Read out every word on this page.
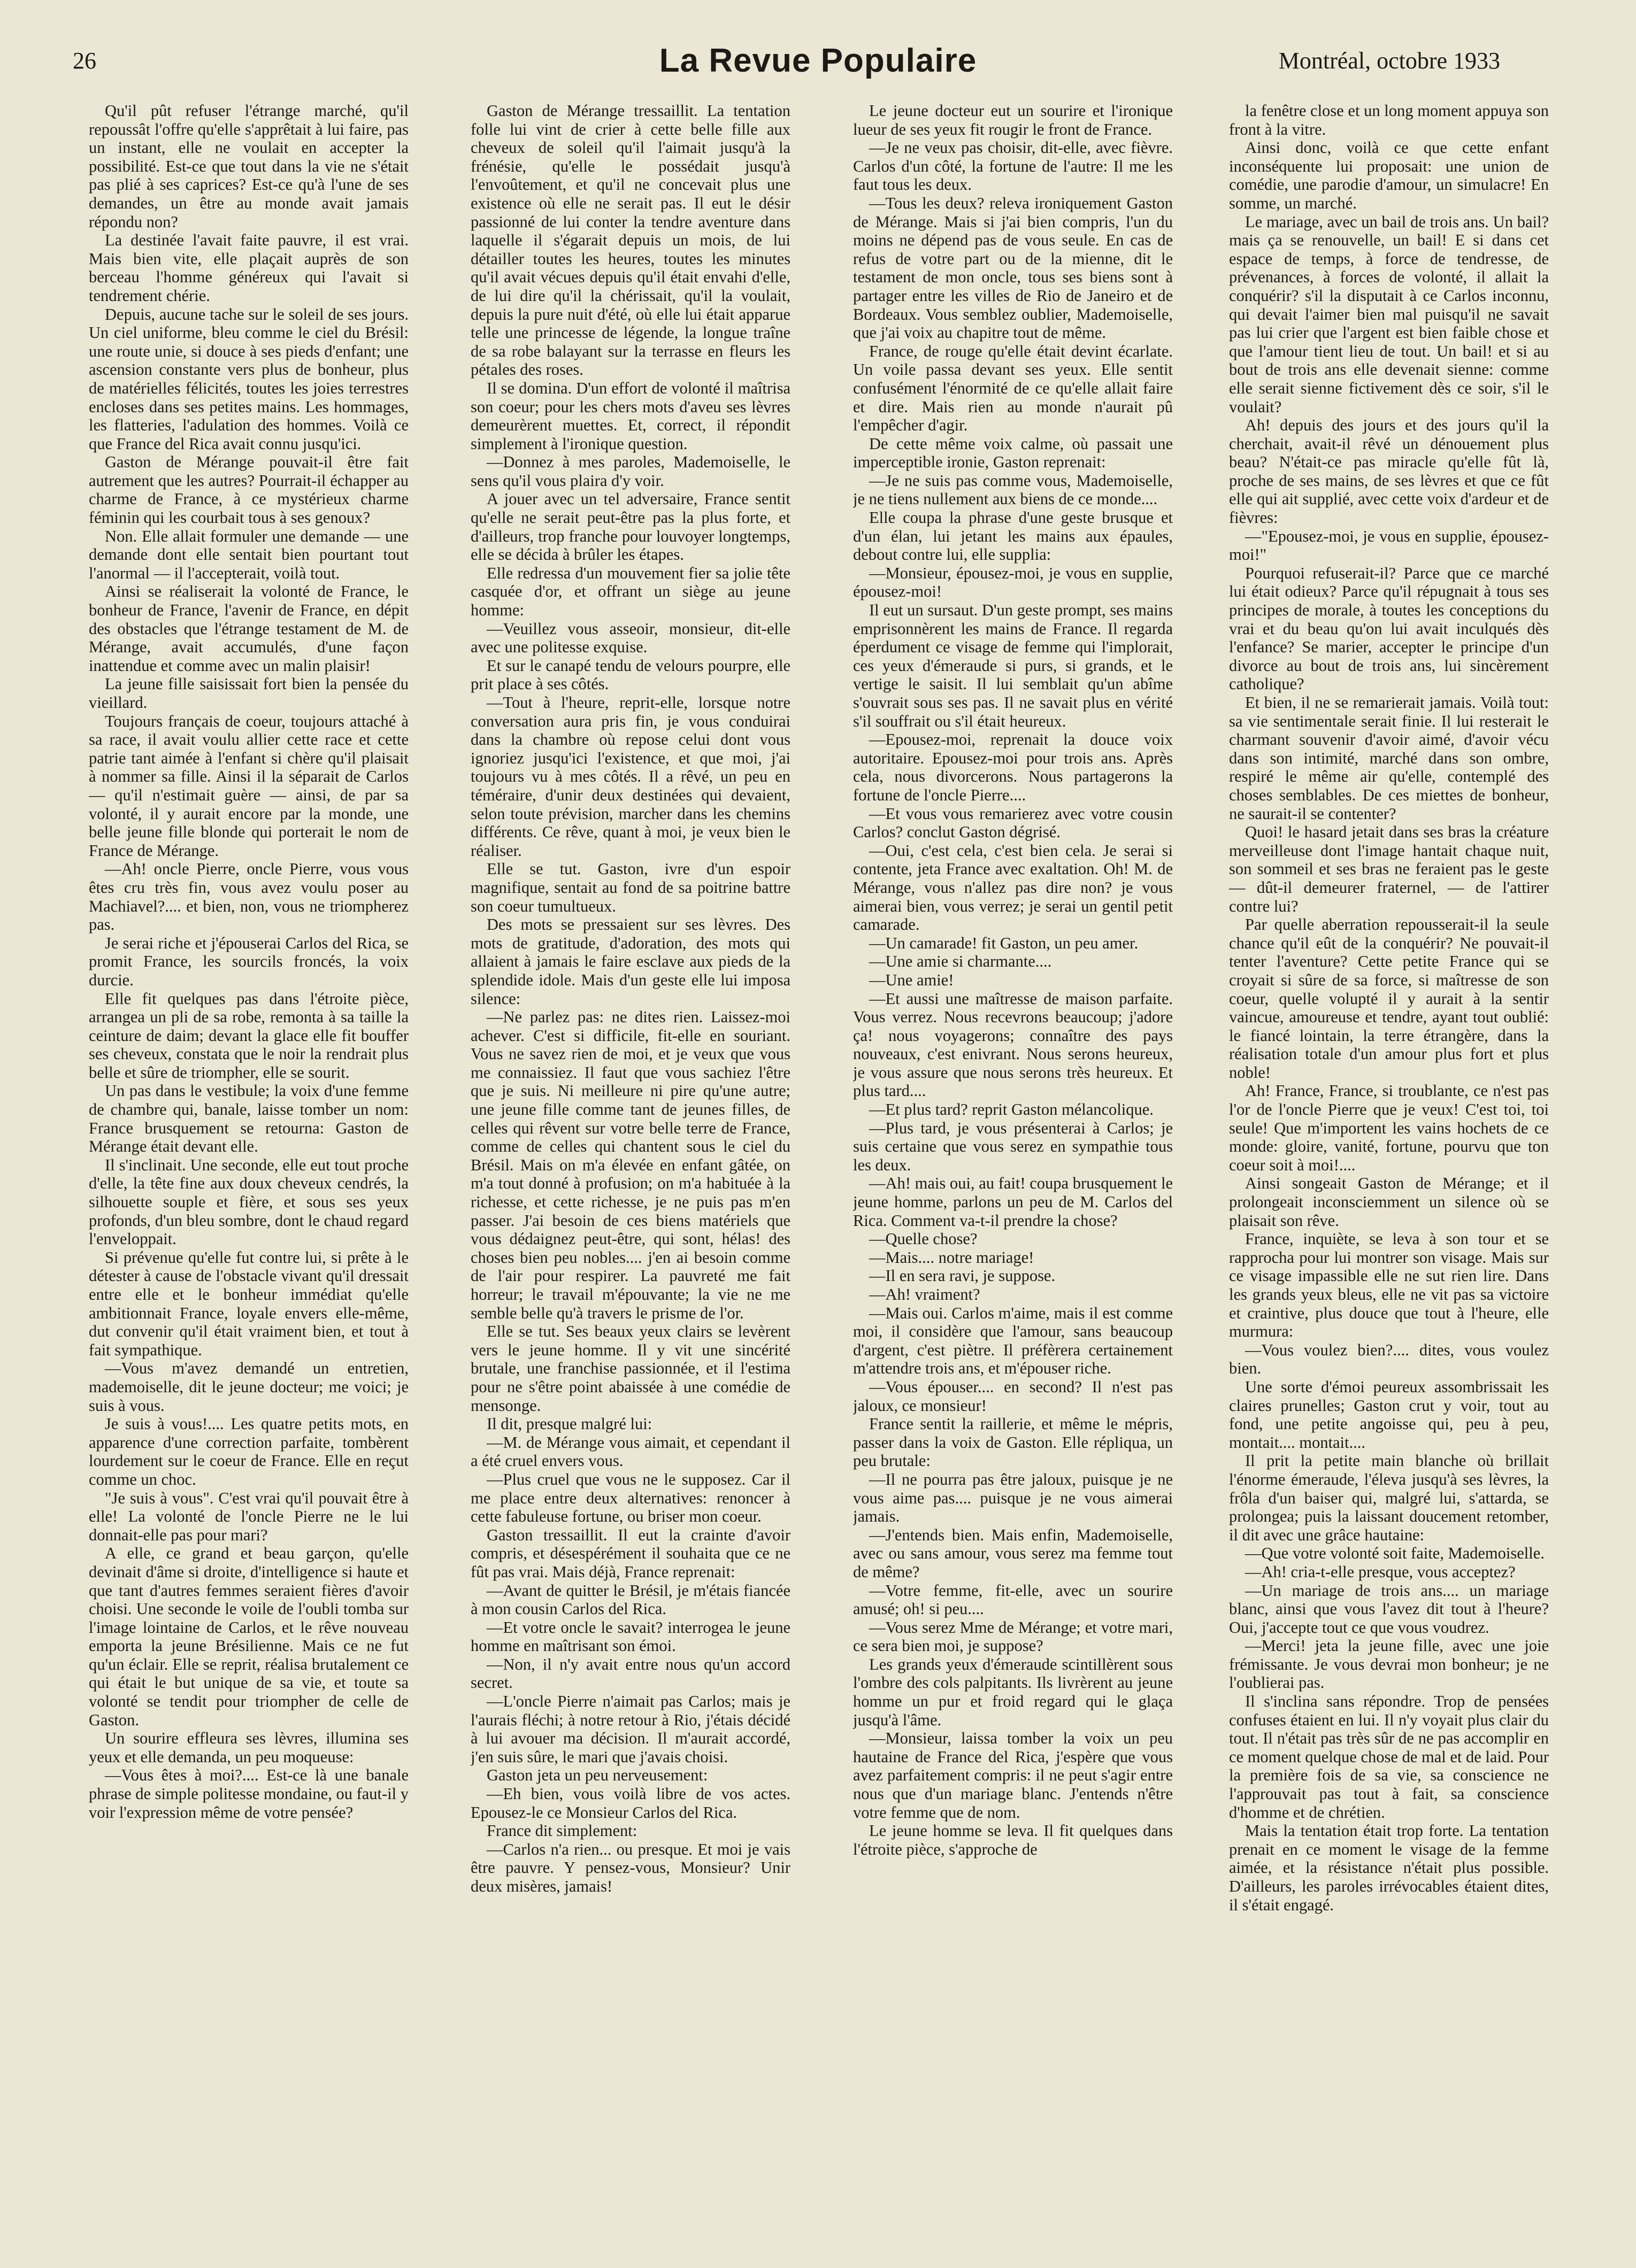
26	La Revue Populaire	Montréal, octobre 1933

Qu'il pût refuser l'étrange marché, qu'il repoussât l'offre qu'elle s'apprêtait à lui faire, pas un instant, elle ne voulait en accepter la possibilité. Est-ce que tout dans la vie ne s'était pas plié à ses caprices? Est-ce qu'à l'une de ses demandes, un être au monde avait jamais répondu non?

La destinée l'avait faite pauvre, il est vrai. Mais bien vite, elle plaçait auprès de son berceau l'homme généreux qui l'avait si tendrement chérie.

Depuis, aucune tache sur le soleil de ses jours. Un ciel uniforme, bleu comme le ciel du Brésil: une route unie, si douce à ses pieds d'enfant; une ascension constante vers plus de bonheur, plus de matérielles félicités, toutes les joies terrestres encloses dans ses petites mains. Les hommages, les flatteries, l'adulation des hommes. Voilà ce que France del Rica avait connu jusqu'ici.

Gaston de Mérange pouvait-il être fait autrement que les autres? Pourrait-il échapper au charme de France, à ce mystérieux charme féminin qui les courbait tous à ses genoux?

Non. Elle allait formuler une demande — une demande dont elle sentait bien pourtant tout l'anormal — il l'accepterait, voilà tout.

Ainsi se réaliserait la volonté de France, le bonheur de France, l'avenir de France, en dépit des obstacles que l'étrange testament de M. de Mérange, avait accumulés, d'une façon inattendue et comme avec un malin plaisir!

La jeune fille saisissait fort bien la pensée du vieillard.

Toujours français de coeur, toujours attaché à sa race, il avait voulu allier cette race et cette patrie tant aimée à l'enfant si chère qu'il plaisait à nommer sa fille. Ainsi il la séparait de Carlos — qu'il n'estimait guère — ainsi, de par sa volonté, il y aurait encore par la monde, une belle jeune fille blonde qui porterait le nom de France de Mérange.

—Ah! oncle Pierre, oncle Pierre, vous vous êtes cru très fin, vous avez voulu poser au Machiavel?.... et bien, non, vous ne triompherez pas.

Je serai riche et j'épouserai Carlos del Rica, se promit France, les sourcils froncés, la voix durcie.

Elle fit quelques pas dans l'étroite pièce, arrangea un pli de sa robe, remonta à sa taille la ceinture de daim; devant la glace elle fit bouffer ses cheveux, constata que le noir la rendrait plus belle et sûre de triompher, elle se sourit.

Un pas dans le vestibule; la voix d'une femme de chambre qui, banale, laisse tomber un nom: France brusquement se retourna: Gaston de Mérange était devant elle.

Il s'inclinait. Une seconde, elle eut tout proche d'elle, la tête fine aux doux cheveux cendrés, la silhouette souple et fière, et sous ses yeux profonds, d'un bleu sombre, dont le chaud regard l'enveloppait.

Si prévenue qu'elle fut contre lui, si prête à le détester à cause de l'obstacle vivant qu'il dressait entre elle et le bonheur immédiat qu'elle ambitionnait France, loyale envers elle-même, dut convenir qu'il était vraiment bien, et tout à fait sympathique.

—Vous m'avez demandé un entretien, mademoiselle, dit le jeune docteur; me voici; je suis à vous.

Je suis à vous!.... Les quatre petits mots, en apparence d'une correction parfaite, tombèrent lourdement sur le coeur de France. Elle en reçut comme un choc.

"Je suis à vous". C'est vrai qu'il pouvait être à elle! La volonté de l'oncle Pierre ne le lui donnait-elle pas pour mari?

A elle, ce grand et beau garçon, qu'elle devinait d'âme si droite, d'intelligence si haute et que tant d'autres femmes seraient fières d'avoir choisi. Une seconde le voile de l'oubli tomba sur l'image lointaine de Carlos, et le rêve nouveau emporta la jeune Brésilienne. Mais ce ne fut qu'un éclair. Elle se reprit, réalisa brutalement ce qui était le but unique de sa vie, et toute sa volonté se tendit pour triompher de celle de Gaston.

Un sourire effleura ses lèvres, illumina ses yeux et elle demanda, un peu moqueuse:

—Vous êtes à moi?.... Est-ce là une banale phrase de simple politesse mondaine, ou faut-il y voir l'expression même de votre pensée?

Gaston de Mérange tressaillit. La tentation folle lui vint de crier à cette belle fille aux cheveux de soleil qu'il l'aimait jusqu'à la frénésie, qu'elle le possédait jusqu'à l'envoûtement, et qu'il ne concevait plus une existence où elle ne serait pas. Il eut le désir passionné de lui conter la tendre aventure dans laquelle il s'égarait depuis un mois, de lui détailler toutes les heures, toutes les minutes qu'il avait vécues depuis qu'il était envahi d'elle, de lui dire qu'il la chérissait, qu'il la voulait, depuis la pure nuit d'été, où elle lui était apparue telle une princesse de légende, la longue traîne de sa robe balayant sur la terrasse en fleurs les pétales des roses.

Il se domina. D'un effort de volonté il maîtrisa son coeur; pour les chers mots d'aveu ses lèvres demeurèrent muettes. Et, correct, il répondit simplement à l'ironique question.

—Donnez à mes paroles, Mademoiselle, le sens qu'il vous plaira d'y voir.

A jouer avec un tel adversaire, France sentit qu'elle ne serait peut-être pas la plus forte, et d'ailleurs, trop franche pour louvoyer longtemps, elle se décida à brûler les étapes.

Elle redressa d'un mouvement fier sa jolie tête casquée d'or, et offrant un siège au jeune homme:

—Veuillez vous asseoir, monsieur, dit-elle avec une politesse exquise.

Et sur le canapé tendu de velours pourpre, elle prit place à ses côtés.

—Tout à l'heure, reprit-elle, lorsque notre conversation aura pris fin, je vous conduirai dans la chambre où repose celui dont vous ignoriez jusqu'ici l'existence, et que moi, j'ai toujours vu à mes côtés. Il a rêvé, un peu en téméraire, d'unir deux destinées qui devaient, selon toute prévision, marcher dans les chemins différents. Ce rêve, quant à moi, je veux bien le réaliser.

Elle se tut. Gaston, ivre d'un espoir magnifique, sentait au fond de sa poitrine battre son coeur tumultueux.

Des mots se pressaient sur ses lèvres. Des mots de gratitude, d'adoration, des mots qui allaient à jamais le faire esclave aux pieds de la splendide idole. Mais d'un geste elle lui imposa silence:

—Ne parlez pas: ne dites rien. Laissez-moi achever. C'est si difficile, fit-elle en souriant. Vous ne savez rien de moi, et je veux que vous me connaissiez. Il faut que vous sachiez l'être que je suis. Ni meilleure ni pire qu'une autre; une jeune fille comme tant de jeunes filles, de celles qui rêvent sur votre belle terre de France, comme de celles qui chantent sous le ciel du Brésil. Mais on m'a élevée en enfant gâtée, on m'a tout donné à profusion; on m'a habituée à la richesse, et cette richesse, je ne puis pas m'en passer. J'ai besoin de ces biens matériels que vous dédaignez peut-être, qui sont, hélas! des choses bien peu nobles.... j'en ai besoin comme de l'air pour respirer. La pauvreté me fait horreur; le travail m'épouvante; la vie ne me semble belle qu'à travers le prisme de l'or.

Elle se tut. Ses beaux yeux clairs se levèrent vers le jeune homme. Il y vit une sincérité brutale, une franchise passionnée, et il l'estima pour ne s'être point abaissée à une comédie de mensonge.

Il dit, presque malgré lui:

—M. de Mérange vous aimait, et cependant il a été cruel envers vous.

—Plus cruel que vous ne le supposez. Car il me place entre deux alternatives: renoncer à cette fabuleuse fortune, ou briser mon coeur.

Gaston tressaillit. Il eut la crainte d'avoir compris, et désespérément il souhaita que ce ne fût pas vrai. Mais déjà, France reprenait:

—Avant de quitter le Brésil, je m'étais fiancée à mon cousin Carlos del Rica.

—Et votre oncle le savait? interrogea le jeune homme en maîtrisant son émoi.

—Non, il n'y avait entre nous qu'un accord secret.

—L'oncle Pierre n'aimait pas Carlos; mais je l'aurais fléchi; à notre retour à Rio, j'étais décidé à lui avouer ma décision. Il m'aurait accordé, j'en suis sûre, le mari que j'avais choisi.

Gaston jeta un peu nerveusement:

—Eh bien, vous voilà libre de vos actes. Epousez-le ce Monsieur Carlos del Rica.

France dit simplement:

—Carlos n'a rien... ou presque. Et moi je vais être pauvre. Y pensez-vous, Monsieur? Unir deux misères, jamais!

Le jeune docteur eut un sourire et l'ironique lueur de ses yeux fit rougir le front de France.

—Je ne veux pas choisir, dit-elle, avec fièvre. Carlos d'un côté, la fortune de l'autre: Il me les faut tous les deux.

—Tous les deux? releva ironiquement Gaston de Mérange. Mais si j'ai bien compris, l'un du moins ne dépend pas de vous seule. En cas de refus de votre part ou de la mienne, dit le testament de mon oncle, tous ses biens sont à partager entre les villes de Rio de Janeiro et de Bordeaux. Vous semblez oublier, Mademoiselle, que j'ai voix au chapitre tout de même.

France, de rouge qu'elle était devint écarlate. Un voile passa devant ses yeux. Elle sentit confusément l'énormité de ce qu'elle allait faire et dire. Mais rien au monde n'aurait pû l'empêcher d'agir.

De cette même voix calme, où passait une imperceptible ironie, Gaston reprenait:

—Je ne suis pas comme vous, Mademoiselle, je ne tiens nullement aux biens de ce monde....

Elle coupa la phrase d'une geste brusque et d'un élan, lui jetant les mains aux épaules, debout contre lui, elle supplia:

—Monsieur, épousez-moi, je vous en supplie, épousez-moi!

Il eut un sursaut. D'un geste prompt, ses mains emprisonnèrent les mains de France. Il regarda éperdument ce visage de femme qui l'implorait, ces yeux d'émeraude si purs, si grands, et le vertige le saisit. Il lui semblait qu'un abîme s'ouvrait sous ses pas. Il ne savait plus en vérité s'il souffrait ou s'il était heureux.

—Epousez-moi, reprenait la douce voix autoritaire. Epousez-moi pour trois ans. Après cela, nous divorcerons. Nous partagerons la fortune de l'oncle Pierre....

—Et vous vous remarierez avec votre cousin Carlos? conclut Gaston dégrisé.

—Oui, c'est cela, c'est bien cela. Je serai si contente, jeta France avec exaltation. Oh! M. de Mérange, vous n'allez pas dire non? je vous aimerai bien, vous verrez; je serai un gentil petit camarade.

—Un camarade! fit Gaston, un peu amer.

—Une amie si charmante....

—Une amie!

—Et aussi une maîtresse de maison parfaite. Vous verrez. Nous recevrons beaucoup; j'adore ça! nous voyagerons; connaître des pays nouveaux, c'est enivrant. Nous serons heureux, je vous assure que nous serons très heureux. Et plus tard....

—Et plus tard? reprit Gaston mélancolique.

—Plus tard, je vous présenterai à Carlos; je suis certaine que vous serez en sympathie tous les deux.

—Ah! mais oui, au fait! coupa brusquement le jeune homme, parlons un peu de M. Carlos del Rica. Comment va-t-il prendre la chose?

—Quelle chose?

—Mais.... notre mariage!

—Il en sera ravi, je suppose.

—Ah! vraiment?

—Mais oui. Carlos m'aime, mais il est comme moi, il considère que l'amour, sans beaucoup d'argent, c'est piètre. Il préfèrera certainement m'attendre trois ans, et m'épouser riche.

—Vous épouser.... en second? Il n'est pas jaloux, ce monsieur!

France sentit la raillerie, et même le mépris, passer dans la voix de Gaston. Elle répliqua, un peu brutale:

—Il ne pourra pas être jaloux, puisque je ne vous aime pas.... puisque je ne vous aimerai jamais.

—J'entends bien. Mais enfin, Mademoiselle, avec ou sans amour, vous serez ma femme tout de même?

—Votre femme, fit-elle, avec un sourire amusé; oh! si peu....

—Vous serez Mme de Mérange; et votre mari, ce sera bien moi, je suppose?

Les grands yeux d'émeraude scintillèrent sous l'ombre des cols palpitants. Ils livrèrent au jeune homme un pur et froid regard qui le glaça jusqu'à l'âme.

—Monsieur, laissa tomber la voix un peu hautaine de France del Rica, j'espère que vous avez parfaitement compris: il ne peut s'agir entre nous que d'un mariage blanc. J'entends n'être votre femme que de nom.

Le jeune homme se leva. Il fit quelques dans l'étroite pièce, s'approche de

la fenêtre close et un long moment appuya son front à la vitre.

Ainsi donc, voilà ce que cette enfant inconséquente lui proposait: une union de comédie, une parodie d'amour, un simulacre! En somme, un marché.

Le mariage, avec un bail de trois ans. Un bail? mais ça se renouvelle, un bail! E si dans cet espace de temps, à force de tendresse, de prévenances, à forces de volonté, il allait la conquérir? s'il la disputait à ce Carlos inconnu, qui devait l'aimer bien mal puisqu'il ne savait pas lui crier que l'argent est bien faible chose et que l'amour tient lieu de tout. Un bail! et si au bout de trois ans elle devenait sienne: comme elle serait sienne fictivement dès ce soir, s'il le voulait?

Ah! depuis des jours et des jours qu'il la cherchait, avait-il rêvé un dénouement plus beau? N'était-ce pas miracle qu'elle fût là, proche de ses mains, de ses lèvres et que ce fût elle qui ait supplié, avec cette voix d'ardeur et de fièvres:

—"Epousez-moi, je vous en supplie, épousez-moi!"

Pourquoi refuserait-il? Parce que ce marché lui était odieux? Parce qu'il répugnait à tous ses principes de morale, à toutes les conceptions du vrai et du beau qu'on lui avait inculqués dès l'enfance? Se marier, accepter le principe d'un divorce au bout de trois ans, lui sincèrement catholique?

Et bien, il ne se remarierait jamais. Voilà tout: sa vie sentimentale serait finie. Il lui resterait le charmant souvenir d'avoir aimé, d'avoir vécu dans son intimité, marché dans son ombre, respiré le même air qu'elle, contemplé des choses semblables. De ces miettes de bonheur, ne saurait-il se contenter?

Quoi! le hasard jetait dans ses bras la créature merveilleuse dont l'image hantait chaque nuit, son sommeil et ses bras ne feraient pas le geste — dût-il demeurer fraternel, — de l'attirer contre lui?

Par quelle aberration repousserait-il la seule chance qu'il eût de la conquérir? Ne pouvait-il tenter l'aventure? Cette petite France qui se croyait si sûre de sa force, si maîtresse de son coeur, quelle volupté il y aurait à la sentir vaincue, amoureuse et tendre, ayant tout oublié: le fiancé lointain, la terre étrangère, dans la réalisation totale d'un amour plus fort et plus noble!

Ah! France, France, si troublante, ce n'est pas l'or de l'oncle Pierre que je veux! C'est toi, toi seule! Que m'importent les vains hochets de ce monde: gloire, vanité, fortune, pourvu que ton coeur soit à moi!....

Ainsi songeait Gaston de Mérange; et il prolongeait inconsciemment un silence où se plaisait son rêve.

France, inquiète, se leva à son tour et se rapprocha pour lui montrer son visage. Mais sur ce visage impassible elle ne sut rien lire. Dans les grands yeux bleus, elle ne vit pas sa victoire et craintive, plus douce que tout à l'heure, elle murmura:

—Vous voulez bien?.... dites, vous voulez bien.

Une sorte d'émoi peureux assombrissait les claires prunelles; Gaston crut y voir, tout au fond, une petite angoisse qui, peu à peu, montait.... montait....

Il prit la petite main blanche où brillait l'énorme émeraude, l'éleva jusqu'à ses lèvres, la frôla d'un baiser qui, malgré lui, s'attarda, se prolongea; puis la laissant doucement retomber, il dit avec une grâce hautaine:

—Que votre volonté soit faite, Mademoiselle.

—Ah! cria-t-elle presque, vous acceptez?

—Un mariage de trois ans.... un mariage blanc, ainsi que vous l'avez dit tout à l'heure? Oui, j'accepte tout ce que vous voudrez.

—Merci! jeta la jeune fille, avec une joie frémissante. Je vous devrai mon bonheur; je ne l'oublierai pas.

Il s'inclina sans répondre. Trop de pensées confuses étaient en lui. Il n'y voyait plus clair du tout. Il n'était pas très sûr de ne pas accomplir en ce moment quelque chose de mal et de laid. Pour la première fois de sa vie, sa conscience ne l'approuvait pas tout à fait, sa conscience d'homme et de chrétien.

Mais la tentation était trop forte. La tentation prenait en ce moment le visage de la femme aimée, et la résistance n'était plus possible. D'ailleurs, les paroles irrévocables étaient dites, il s'était engagé.
